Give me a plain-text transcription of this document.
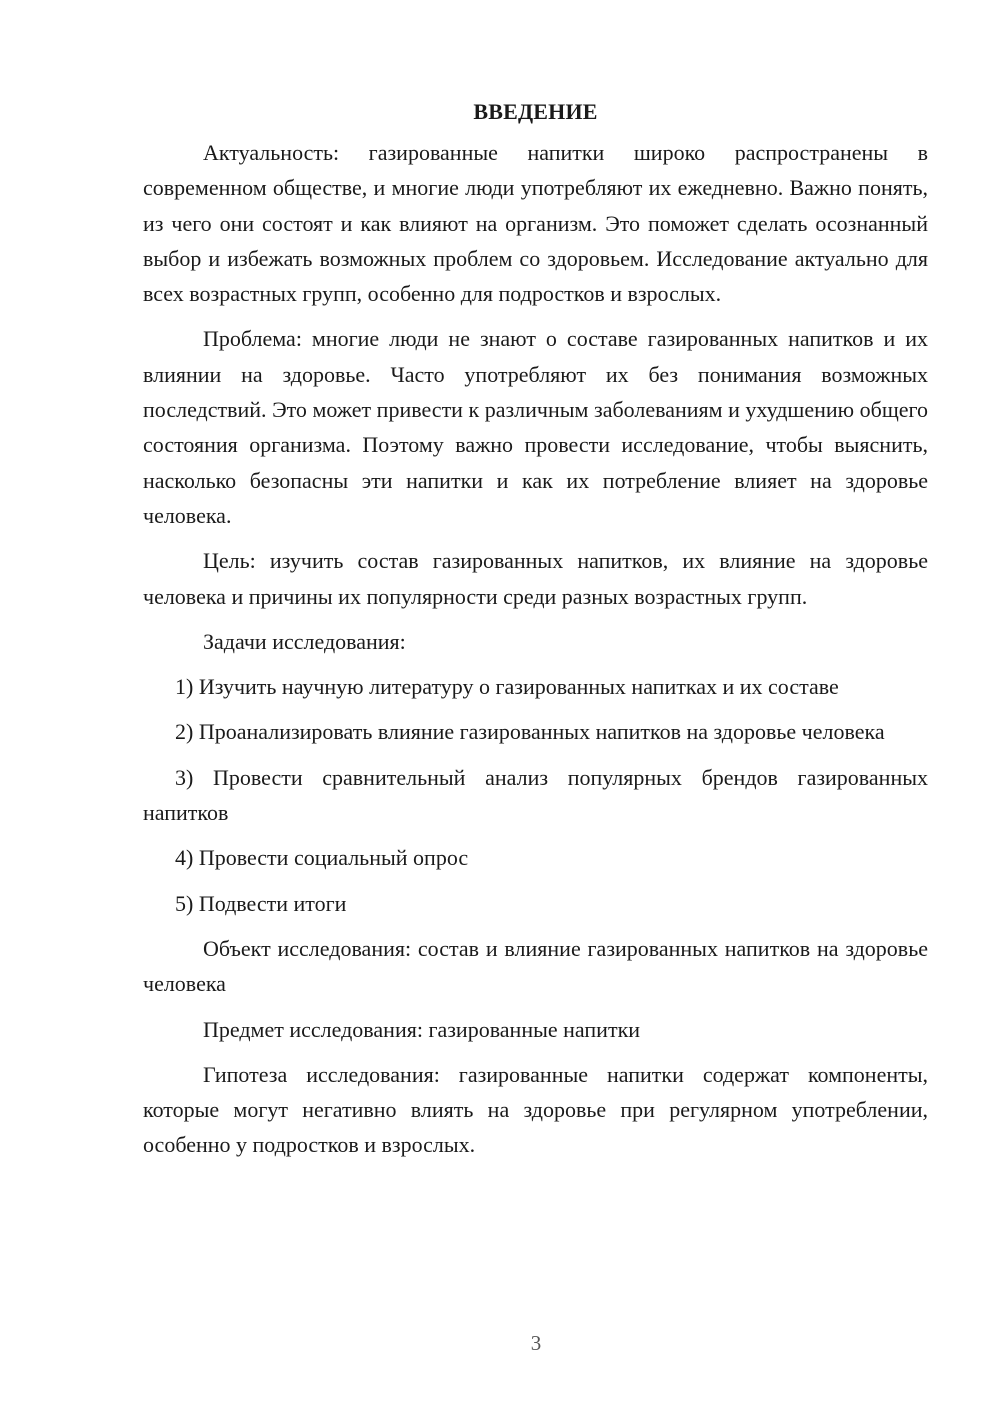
ВВЕДЕНИЕ

Актуальность: газированные напитки широко распространены в современном обществе, и многие люди употребляют их ежедневно. Важно понять, из чего они состоят и как влияют на организм. Это поможет сделать осознанный выбор и избежать возможных проблем со здоровьем. Исследование актуально для всех возрастных групп, особенно для подростков и взрослых.

Проблема: многие люди не знают о составе газированных напитков и их влиянии на здоровье. Часто употребляют их без понимания возможных последствий. Это может привести к различным заболеваниям и ухудшению общего состояния организма. Поэтому важно провести исследование, чтобы выяснить, насколько безопасны эти напитки и как их потребление влияет на здоровье человека.

Цель: изучить состав газированных напитков, их влияние на здоровье человека и причины их популярности среди разных возрастных групп.

Задачи исследования:

1) Изучить научную литературу о газированных напитках и их составе

2) Проанализировать влияние газированных напитков на здоровье человека

3) Провести сравнительный анализ популярных брендов газированных напитков

4) Провести социальный опрос

5) Подвести итоги

Объект исследования: состав и влияние газированных напитков на здоровье человека

Предмет исследования: газированные напитки

Гипотеза исследования: газированные напитки содержат компоненты, которые могут негативно влиять на здоровье при регулярном употреблении, особенно у подростков и взрослых.

3
